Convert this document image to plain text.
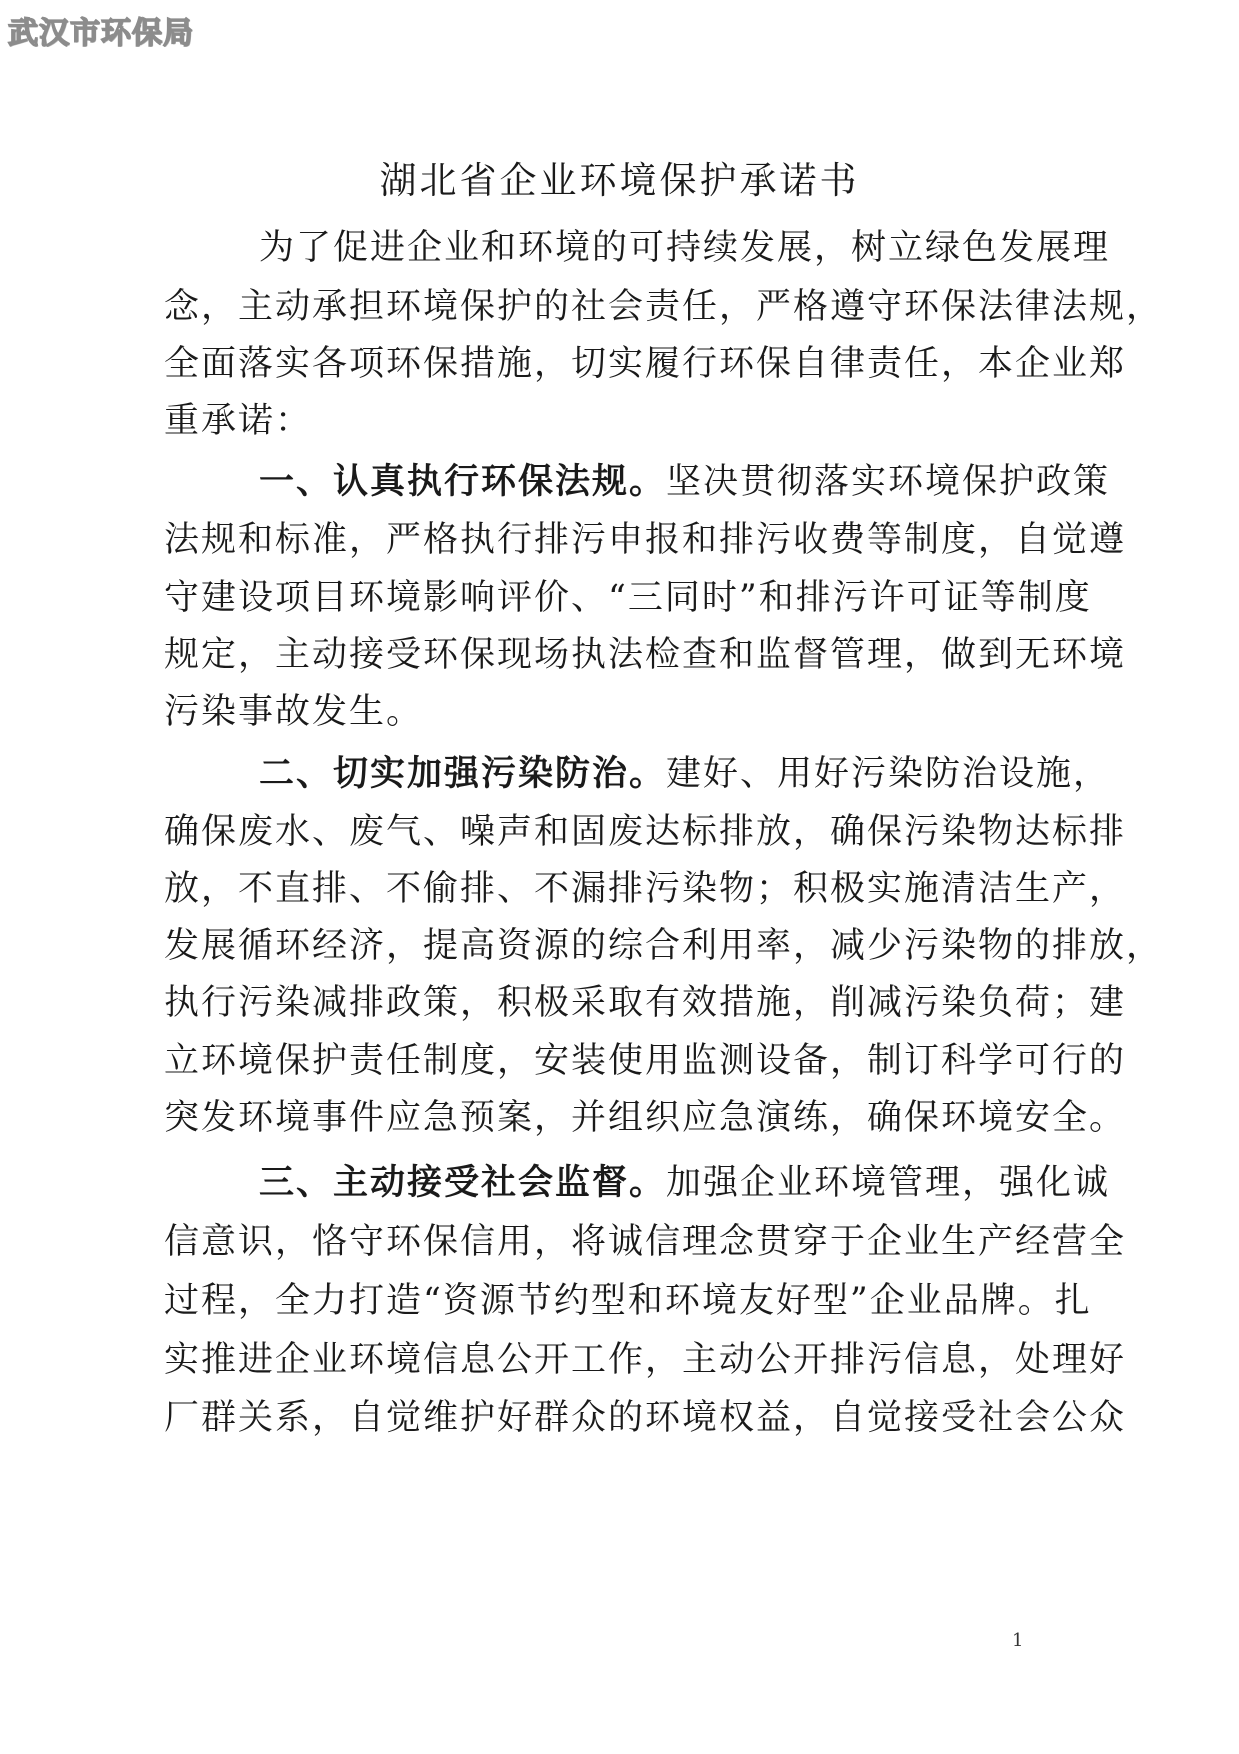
武汉市环保局
湖北省企业环境保护承诺书
为了促进企业和环境的可持续发展，树立绿色发展理
念，主动承担环境保护的社会责任，严格遵守环保法律法规，
全面落实各项环保措施，切实履行环保自律责任，本企业郑
重承诺：
一、认真执行环保法规。坚决贯彻落实环境保护政策
法规和标准，严格执行排污申报和排污收费等制度，自觉遵
守建设项目环境影响评价、“三同时”和排污许可证等制度
规定，主动接受环保现场执法检查和监督管理，做到无环境
污染事故发生。
二、切实加强污染防治。建好、用好污染防治设施，
确保废水、废气、噪声和固废达标排放，确保污染物达标排
放，不直排、不偷排、不漏排污染物；积极实施清洁生产，
发展循环经济，提高资源的综合利用率，减少污染物的排放，
执行污染减排政策，积极采取有效措施，削减污染负荷；建
立环境保护责任制度，安装使用监测设备，制订科学可行的
突发环境事件应急预案，并组织应急演练，确保环境安全。
三、主动接受社会监督。加强企业环境管理，强化诚
信意识，恪守环保信用，将诚信理念贯穿于企业生产经营全
过程，全力打造“资源节约型和环境友好型”企业品牌。扎
实推进企业环境信息公开工作，主动公开排污信息，处理好
厂群关系，自觉维护好群众的环境权益，自觉接受社会公众
1
